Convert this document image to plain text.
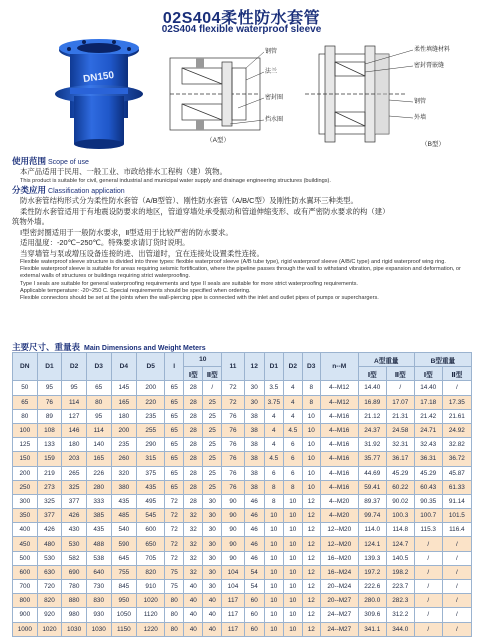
02S404柔性防水套管
02S404 flexible waterproof sleeve
DN150
钢管
法兰
密封圈
挡水圈
（A型）
柔性填缝材料
密封膏嵌缝
钢管
外墙
（B型）
使用范围 Scope of use
本产品适用于民用、一般工业、市政给排水工程构（建）筑物。
This product is suitable for civil, general industrial and municipal water supply and drainage engineering structures (buildings).
分类应用 Classification application
防水套管结构形式分为柔性防水套管（A/B型管）、刚性防水套管（A/B/C型）及刚性防水翼环三种类型。
柔性防水套管适用于有地震设防要求的地区，管道穿墙处承受振动和管道伸缩变形、或有严密防水要求的构（建）
筑物外墙。
Ⅰ型密封圈适用于一般防水要求，Ⅱ型适用于比较严密的防水要求。
适用温度：-20℃~250℃。特殊要求请订货时说明。
当穿墙管与泵或增压设备连接的进、出管道时，宜在连接处设置柔性连接。
Flexible waterproof sleeve structure is divided into three types: flexible waterproof sleeve (A/B tube type), rigid waterproof sleeve (A/B/C type) and rigid waterproof wing ring.
Flexible waterproof sleeve is suitable for areas requiring seismic fortification, where the pipeline passes through the wall to withstand vibration, pipe expansion and deformation, or external walls of structures or buildings requiring strict waterproofing.
Type I seals are suitable for general waterproofing requirements and type II seals are suitable for more strict waterproofing requirements.
Applicable temperature: -20~250 C. Special requirements should be specified when ordering.
Flexible connectors should be set at the joints when the wall-piercing pipe is connected with the inlet and outlet pipes of pumps or superchargers.
主要尺寸、重量表 Main Dimensions and Weight Meters
DN	D1	D2	D3	D4	D5	l	10		11	12	D1	D2	D3	n--M	A型重量		B型重量	
							Ⅰ型	Ⅱ型							Ⅰ型	Ⅱ型	Ⅰ型	Ⅱ型
50	95	95	65	145	200	65	28	/	72	30	3.5	4	8	4--M12	14.40	/	14.40	/
65	76	114	80	165	220	65	28	25	72	30	3.75	4	8	4--M12	16.89	17.07	17.18	17.35
80	89	127	95	180	235	65	28	25	76	38	4	4	10	4--M16	21.12	21.31	21.42	21.61
100	108	146	114	200	255	65	28	25	76	38	4	4.5	10	4--M16	24.37	24.58	24.71	24.92
125	133	180	140	235	290	65	28	25	76	38	4	6	10	4--M16	31.92	32.31	32.43	32.82
150	159	203	165	260	315	65	28	25	76	38	4.5	6	10	4--M16	35.77	36.17	36.31	36.72
200	219	265	226	320	375	65	28	25	76	38	6	6	10	4--M16	44.69	45.29	45.29	45.87
250	273	325	280	380	435	65	28	25	76	38	8	8	10	4--M16	59.41	60.22	60.43	61.33
300	325	377	333	435	495	72	28	30	90	46	8	10	12	4--M20	89.37	90.02	90.35	91.14
350	377	426	385	485	545	72	32	30	90	46	10	10	12	4--M20	99.74	100.3	100.7	101.5
400	426	430	435	540	600	72	32	30	90	46	10	10	12	12--M20	114.0	114.8	115.3	116.4
450	480	530	488	590	650	72	32	30	90	46	10	10	12	12--M20	124.1	124.7	/	/
500	530	582	538	645	705	72	32	30	90	46	10	10	12	16--M20	139.3	140.5	/	/
600	630	690	640	755	820	75	32	30	104	54	10	10	12	16--M24	197.2	198.2	/	/
700	720	780	730	845	910	75	40	30	104	54	10	10	12	20--M24	222.6	223.7	/	/
800	820	880	830	950	1020	80	40	40	117	60	10	10	12	20--M27	280.0	282.3	/	/
900	920	980	930	1050	1120	80	40	40	117	60	10	10	12	24--M27	309.6	312.2	/	/
1000	1020	1030	1030	1150	1220	80	40	40	117	60	10	10	12	24--M27	341.1	344.0	/	/
